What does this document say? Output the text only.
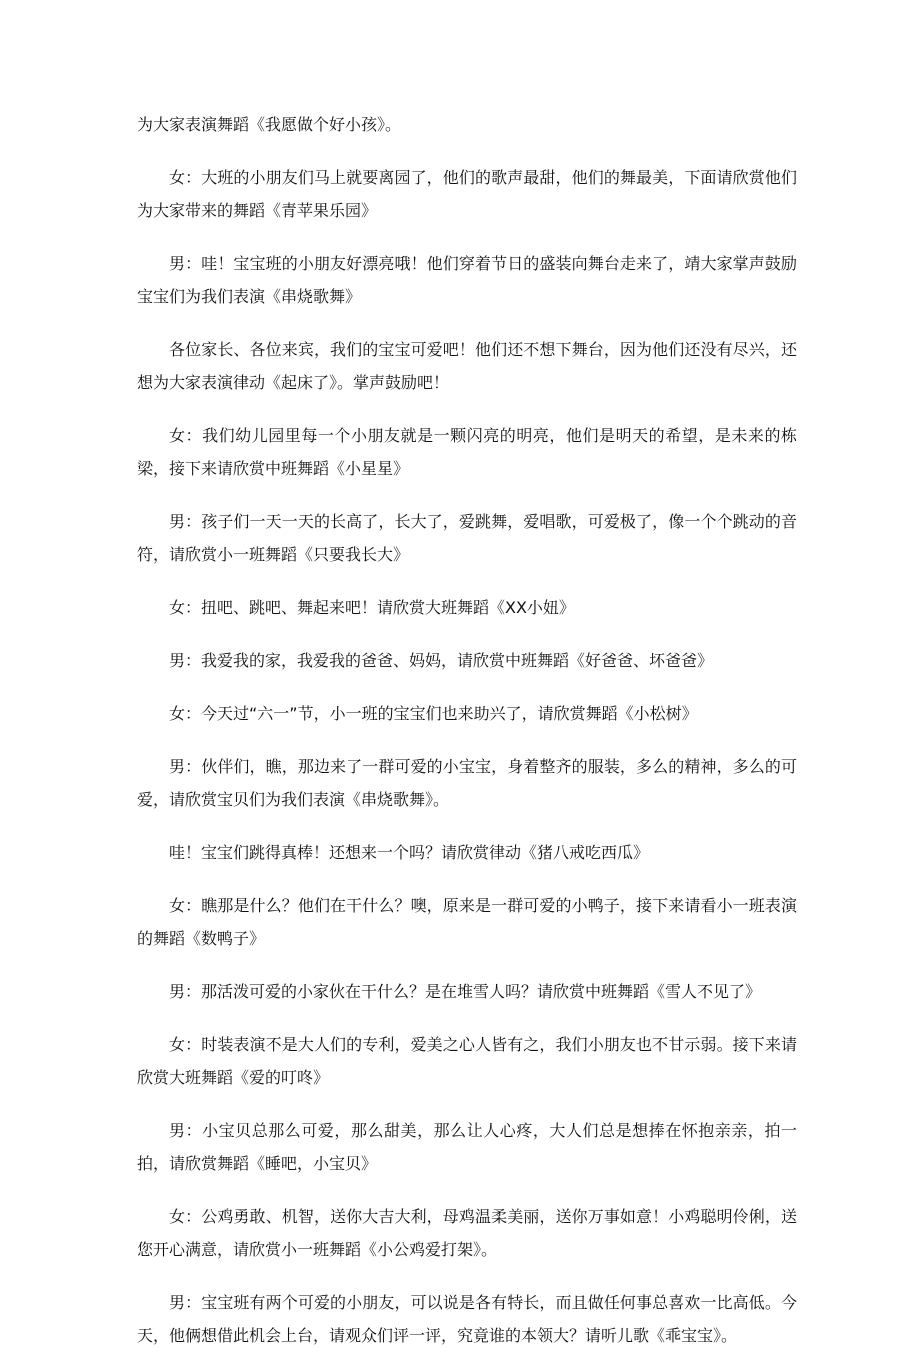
为大家表演舞蹈《我愿做个好小孩》。

女：大班的小朋友们马上就要离园了，他们的歌声最甜，他们的舞最美，下面请欣赏他们为大家带来的舞蹈《青苹果乐园》

男：哇！宝宝班的小朋友好漂亮哦！他们穿着节日的盛装向舞台走来了，靖大家掌声鼓励宝宝们为我们表演《串烧歌舞》

各位家长、各位来宾，我们的宝宝可爱吧！他们还不想下舞台，因为他们还没有尽兴，还想为大家表演律动《起床了》。掌声鼓励吧！

女：我们幼儿园里每一个小朋友就是一颗闪亮的明亮，他们是明天的希望，是未来的栋梁，接下来请欣赏中班舞蹈《小星星》

男：孩子们一天一天的长高了，长大了，爱跳舞，爱唱歌，可爱极了，像一个个跳动的音符，请欣赏小一班舞蹈《只要我长大》

女：扭吧、跳吧、舞起来吧！请欣赏大班舞蹈《XX小妞》

男：我爱我的家，我爱我的爸爸、妈妈，请欣赏中班舞蹈《好爸爸、坏爸爸》

女：今天过“六一”节，小一班的宝宝们也来助兴了，请欣赏舞蹈《小松树》

男：伙伴们，瞧，那边来了一群可爱的小宝宝，身着整齐的服装，多么的精神，多么的可爱，请欣赏宝贝们为我们表演《串烧歌舞》。

哇！宝宝们跳得真棒！还想来一个吗？请欣赏律动《猪八戒吃西瓜》

女：瞧那是什么？他们在干什么？噢，原来是一群可爱的小鸭子，接下来请看小一班表演的舞蹈《数鸭子》

男：那活泼可爱的小家伙在干什么？是在堆雪人吗？请欣赏中班舞蹈《雪人不见了》

女：时装表演不是大人们的专利，爱美之心人皆有之，我们小朋友也不甘示弱。接下来请欣赏大班舞蹈《爱的叮咚》

男：小宝贝总那么可爱，那么甜美，那么让人心疼，大人们总是想捧在怀抱亲亲，拍一拍，请欣赏舞蹈《睡吧，小宝贝》

女：公鸡勇敢、机智，送你大吉大利，母鸡温柔美丽，送你万事如意！小鸡聪明伶俐，送您开心满意，请欣赏小一班舞蹈《小公鸡爱打架》。

男：宝宝班有两个可爱的小朋友，可以说是各有特长，而且做任何事总喜欢一比高低。今天，他俩想借此机会上台，请观众们评一评，究竟谁的本领大？请听儿歌《乖宝宝》。
